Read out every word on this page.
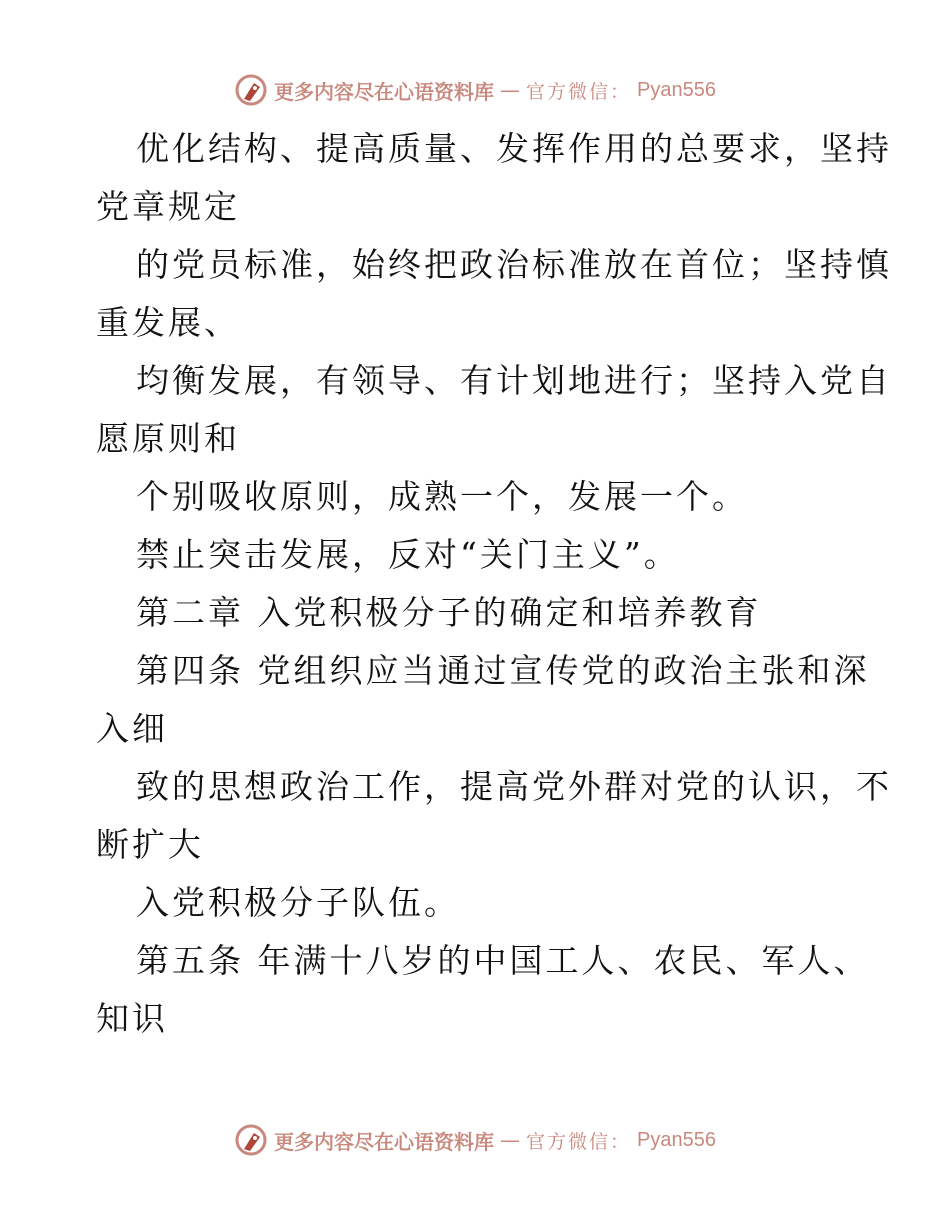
更多内容尽在心语资料库 — 官方微信： Pyan556
优化结构、提高质量、发挥作用的总要求，坚持
党章规定
的党员标准，始终把政治标准放在首位；坚持慎
重发展、
均衡发展，有领导、有计划地进行；坚持入党自
愿原则和
个别吸收原则，成熟一个，发展一个。
禁止突击发展，反对“关门主义”。
第二章 入党积极分子的确定和培养教育
第四条 党组织应当通过宣传党的政治主张和深
入细
致的思想政治工作，提高党外群对党的认识，不
断扩大
入党积极分子队伍。
第五条 年满十八岁的中国工人、农民、军人、
知识
更多内容尽在心语资料库 — 官方微信： Pyan556
